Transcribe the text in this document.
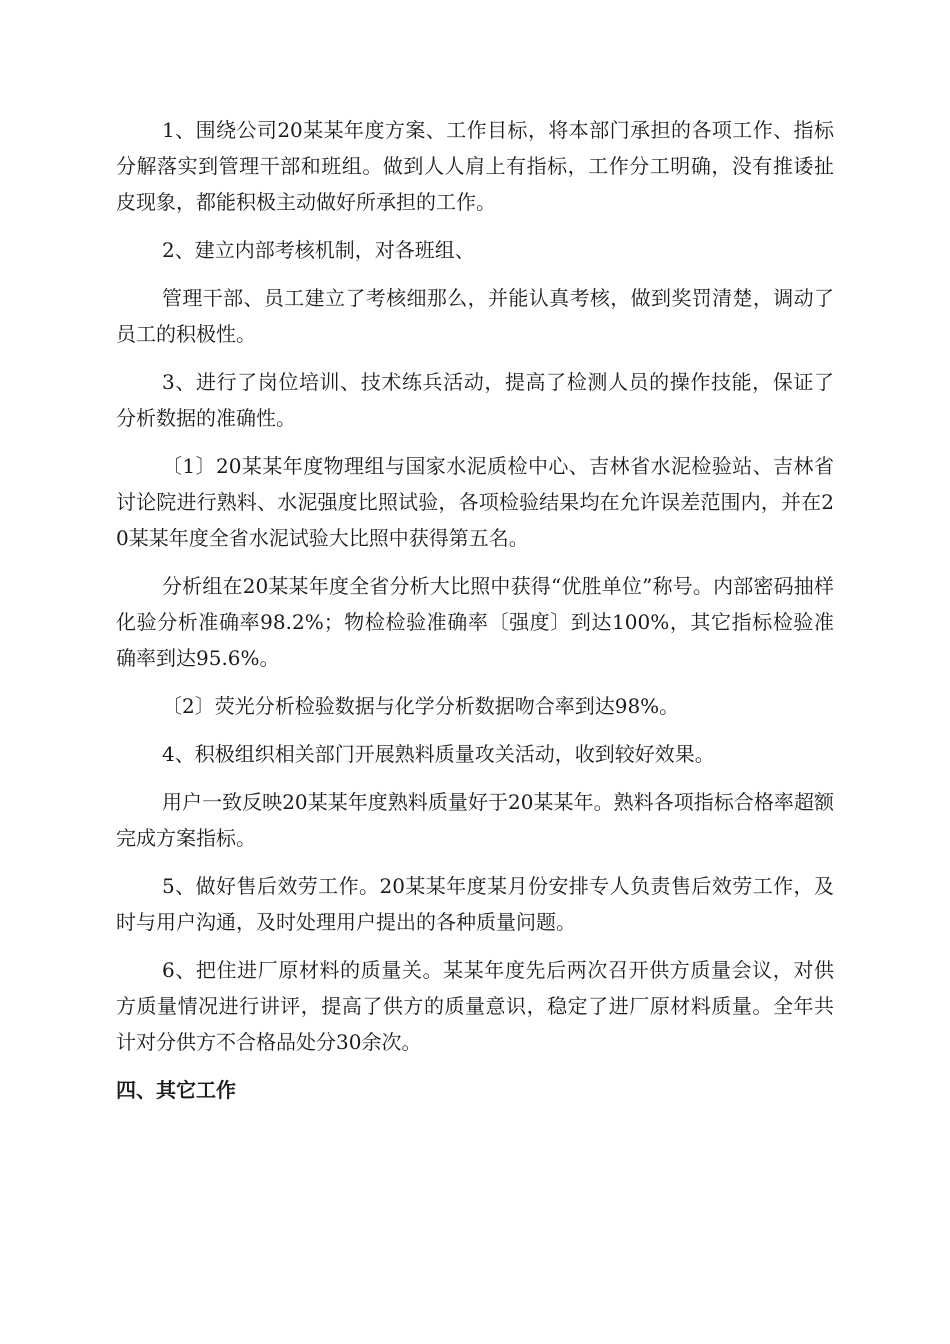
1、围绕公司20某某年度方案、工作目标，将本部门承担的各项工作、指标分解落实到管理干部和班组。做到人人肩上有指标，工作分工明确，没有推诿扯皮现象，都能积极主动做好所承担的工作。

2、建立内部考核机制，对各班组、

管理干部、员工建立了考核细那么，并能认真考核，做到奖罚清楚，调动了员工的积极性。

3、进行了岗位培训、技术练兵活动，提高了检测人员的操作技能，保证了分析数据的准确性。

〔1〕20某某年度物理组与国家水泥质检中心、吉林省水泥检验站、吉林省讨论院进行熟料、水泥强度比照试验，各项检验结果均在允许误差范围内，并在20某某年度全省水泥试验大比照中获得第五名。

分析组在20某某年度全省分析大比照中获得“优胜单位”称号。内部密码抽样化验分析准确率98.2%；物检检验准确率〔强度〕到达100%，其它指标检验准确率到达95.6%。

〔2〕荧光分析检验数据与化学分析数据吻合率到达98%。

4、积极组织相关部门开展熟料质量攻关活动，收到较好效果。

用户一致反映20某某年度熟料质量好于20某某年。熟料各项指标合格率超额完成方案指标。

5、做好售后效劳工作。20某某年度某月份安排专人负责售后效劳工作，及时与用户沟通，及时处理用户提出的各种质量问题。

6、把住进厂原材料的质量关。某某年度先后两次召开供方质量会议，对供方质量情况进行讲评，提高了供方的质量意识，稳定了进厂原材料质量。全年共计对分供方不合格品处分30余次。

四、其它工作
